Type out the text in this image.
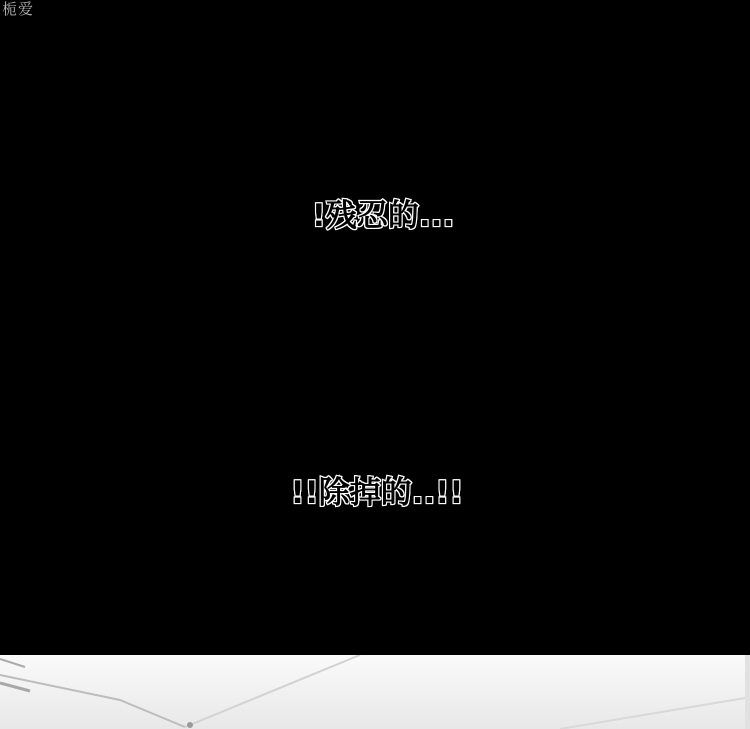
栀爱
!残忍的...
!!除掉的..!!
